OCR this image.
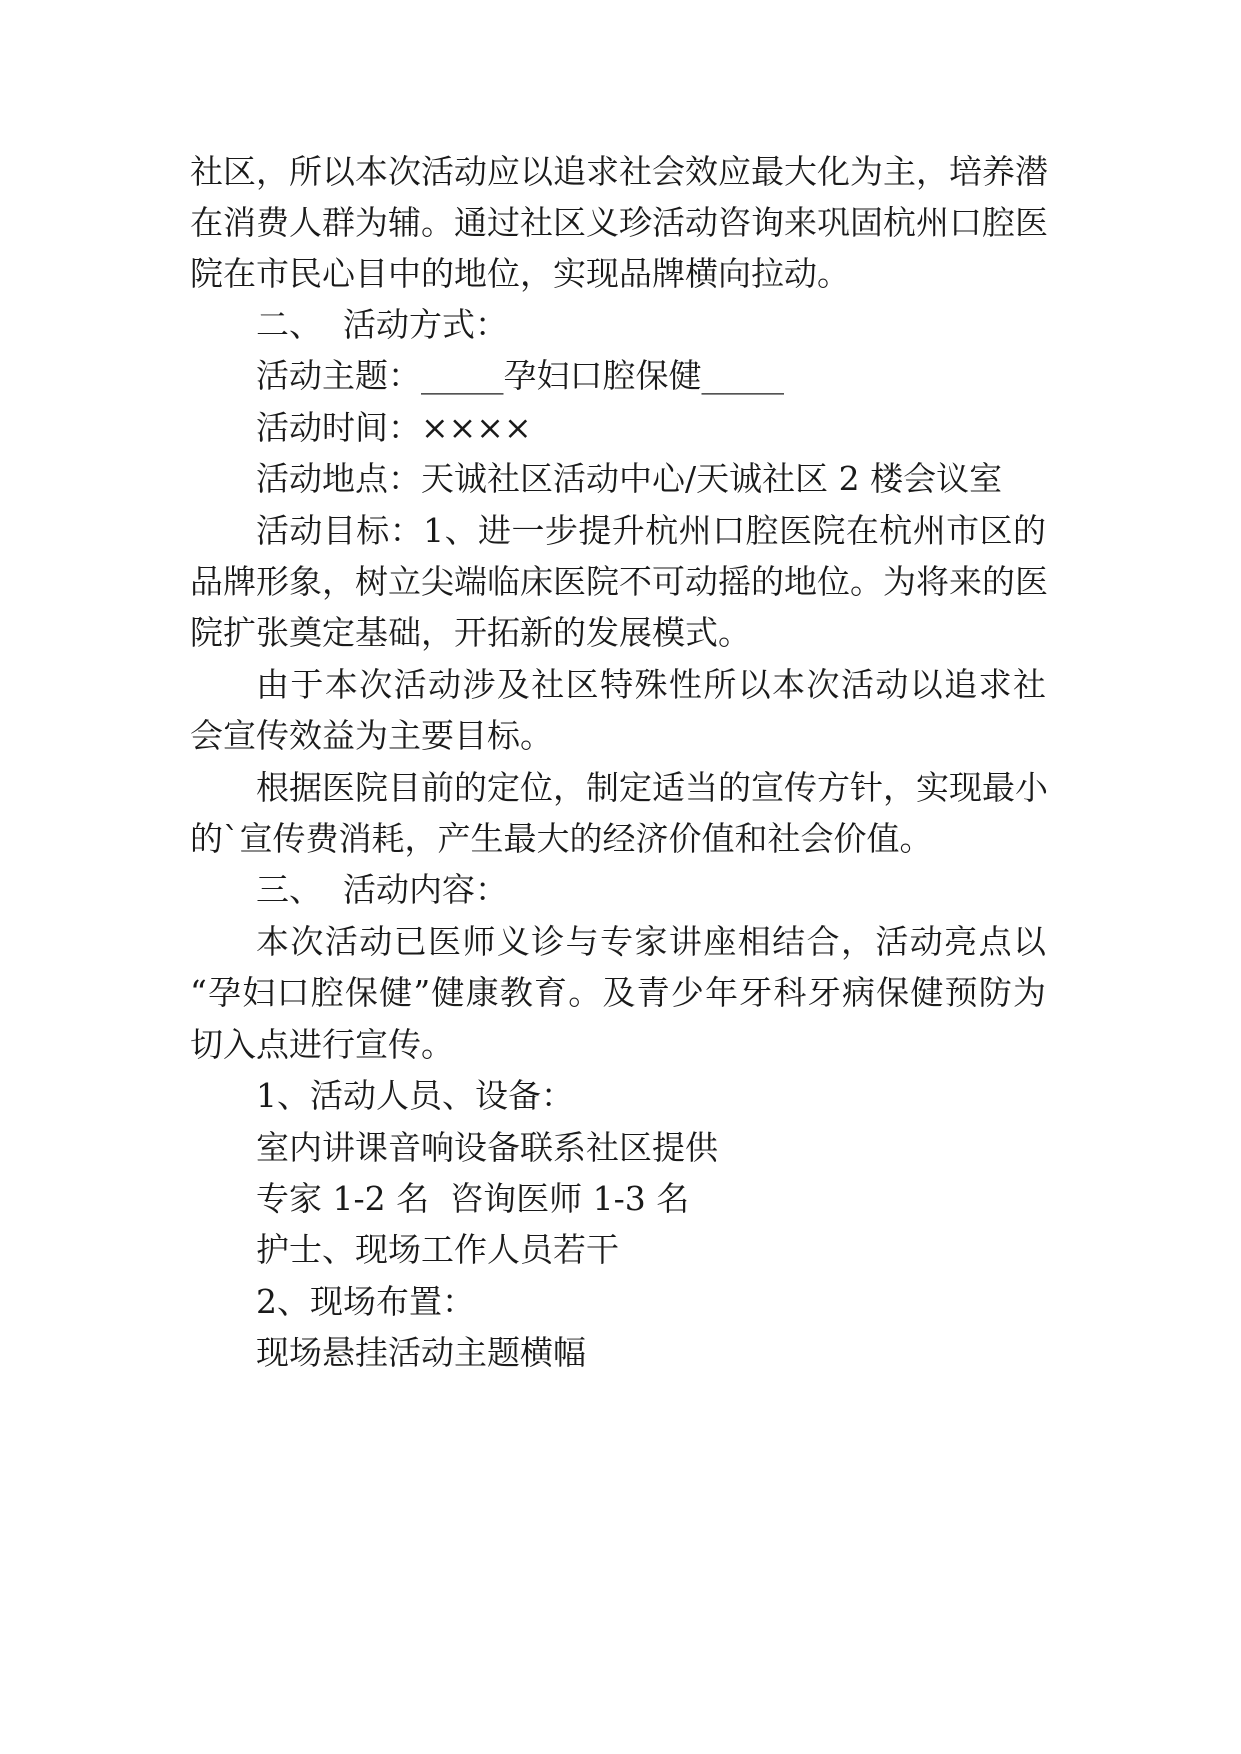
社区，所以本次活动应以追求社会效应最大化为主，培养潜
在消费人群为辅。通过社区义珍活动咨询来巩固杭州口腔医
院在市民心目中的地位，实现品牌横向拉动。
二、  活动方式：
活动主题：_____孕妇口腔保健_____
活动时间：××××
活动地点：天诚社区活动中心/天诚社区 2 楼会议室
活动目标：1、进一步提升杭州口腔医院在杭州市区的
品牌形象，树立尖端临床医院不可动摇的地位。为将来的医
院扩张奠定基础，开拓新的发展模式。
由于本次活动涉及社区特殊性所以本次活动以追求社
会宣传效益为主要目标。
根据医院目前的定位，制定适当的宣传方针，实现最小
的`宣传费消耗，产生最大的经济价值和社会价值。
三、  活动内容：
本次活动已医师义诊与专家讲座相结合，活动亮点以
“孕妇口腔保健”健康教育。及青少年牙科牙病保健预防为
切入点进行宣传。
1、活动人员、设备：
室内讲课音响设备联系社区提供
专家 1-2 名  咨询医师 1-3 名
护士、现场工作人员若干
2、现场布置：
现场悬挂活动主题横幅
